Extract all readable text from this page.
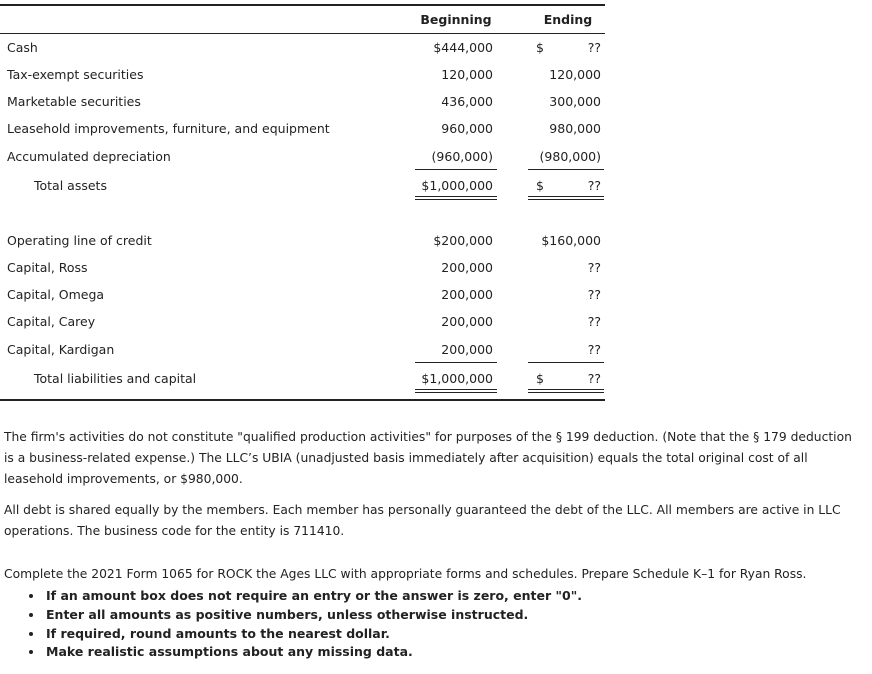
Beginning	Ending
Cash	$444,000	$	??
Tax-exempt securities	120,000	120,000
Marketable securities	436,000	300,000
Leasehold improvements, furniture, and equipment	960,000	980,000
Accumulated depreciation	(960,000)	(980,000)
Total assets	$1,000,000	$	??
Operating line of credit	$200,000	$160,000
Capital, Ross	200,000	??
Capital, Omega	200,000	??
Capital, Carey	200,000	??
Capital, Kardigan	200,000	??
Total liabilities and capital	$1,000,000	$	??

The firm's activities do not constitute "qualified production activities" for purposes of the § 199 deduction. (Note that the § 179 deduction is a business-related expense.) The LLC’s UBIA (unadjusted basis immediately after acquisition) equals the total original cost of all leasehold improvements, or $980,000.

All debt is shared equally by the members. Each member has personally guaranteed the debt of the LLC. All members are active in LLC operations. The business code for the entity is 711410.

Complete the 2021 Form 1065 for ROCK the Ages LLC with appropriate forms and schedules. Prepare Schedule K–1 for Ryan Ross.

• If an amount box does not require an entry or the answer is zero, enter "0".
• Enter all amounts as positive numbers, unless otherwise instructed.
• If required, round amounts to the nearest dollar.
• Make realistic assumptions about any missing data.
